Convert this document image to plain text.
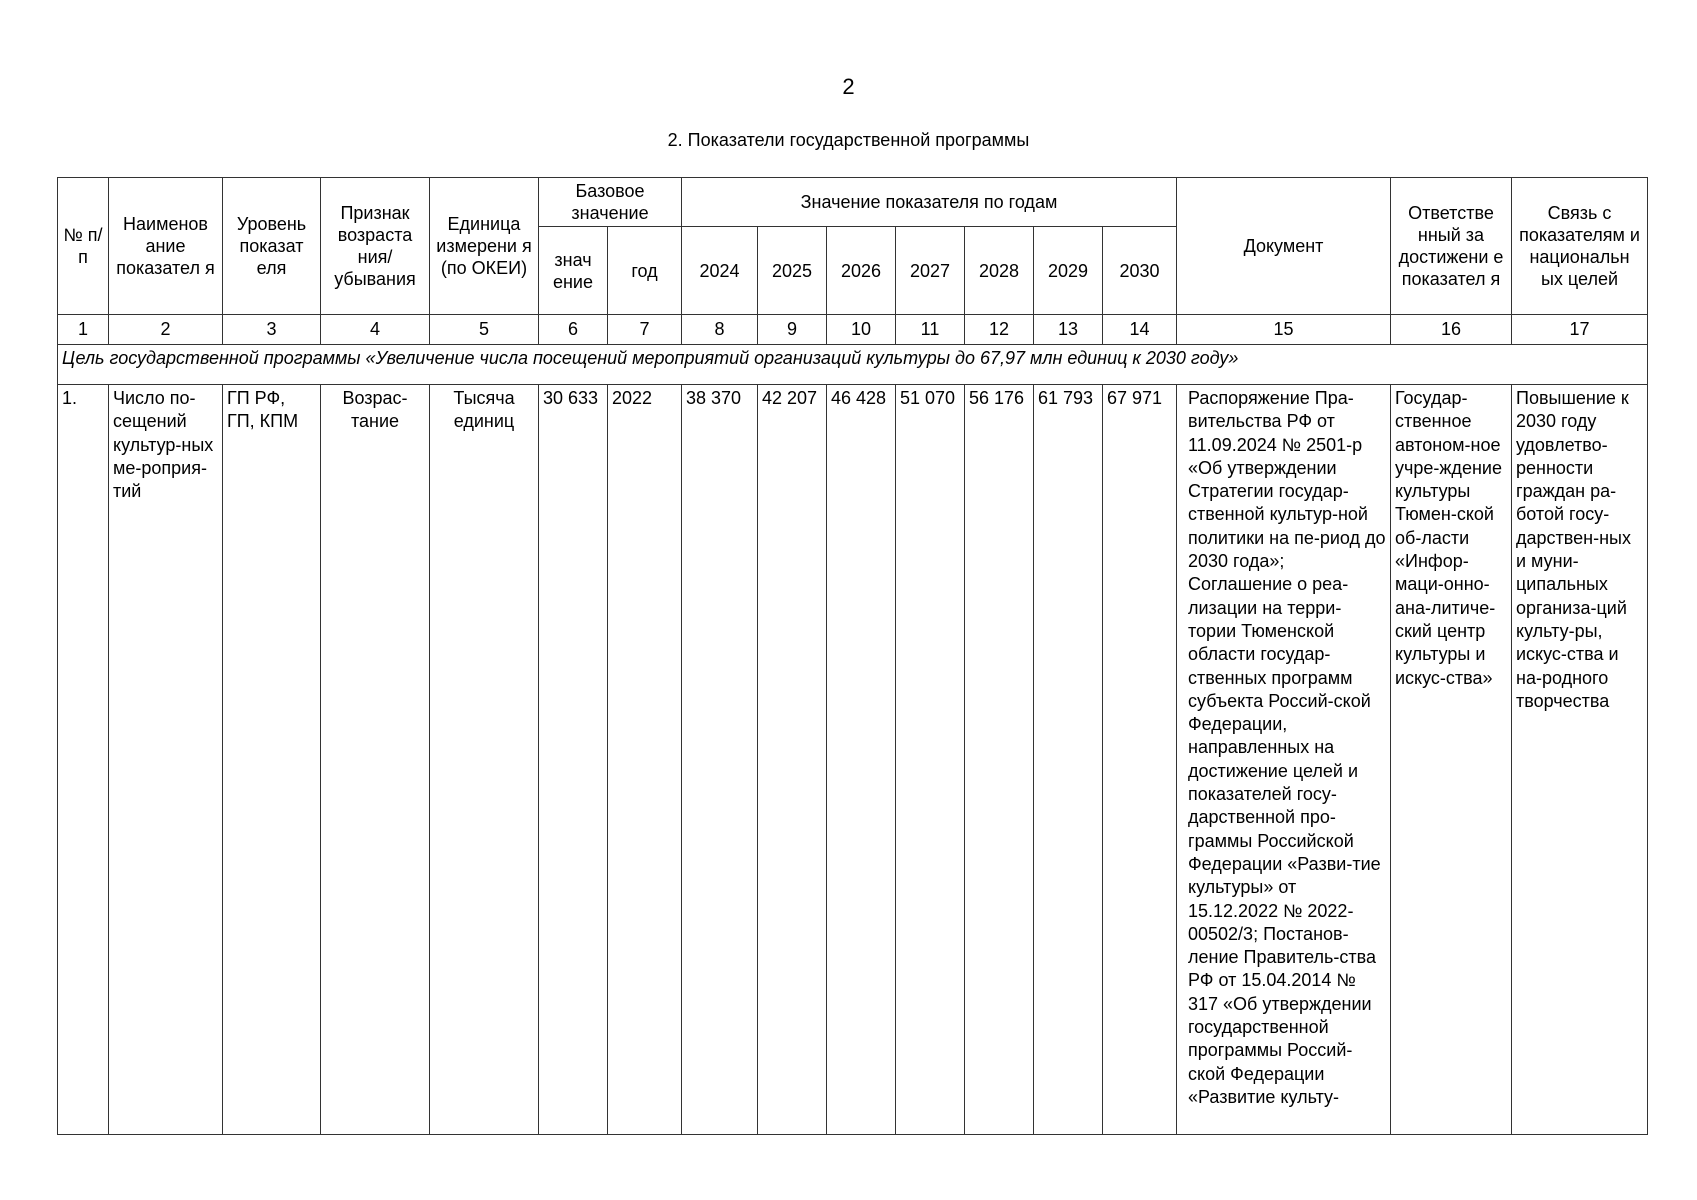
2
2. Показатели государственной программы
№ п/п	Наименов ание показател я	Уровень показат еля	Признак возраста ния/ убывания	Единица измерени я (по ОКЕИ)	Базовое значение		Значение показателя по годам							Документ	Ответстве нный за достижени е показател я	Связь с показателям и национальн ых целей
					знач ение	год	2024	2025	2026	2027	2028	2029	2030			
1	2	3	4	5	6	7	8	9	10	11	12	13	14	15	16	17
Цель государственной программы «Увеличение числа посещений мероприятий организаций культуры до 67,97 млн единиц к 2030 году»																
1.	Число по-сещений культур-ных ме-роприя-тий	ГП РФ, ГП, КПМ	Возрас-тание	Тысяча единиц	30 633	2022	38 370	42 207	46 428	51 070	56 176	61 793	67 971	Распоряжение Пра-вительства РФ от 11.09.2024 № 2501-р «Об утверждении Стратегии государ-ственной культур-ной политики на пе-риод до 2030 года»; Соглашение о реа-лизации на терри-тории Тюменской области государ-ственных программ субъекта Россий-ской Федерации, направленных на достижение целей и показателей госу-дарственной про-граммы Российской Федерации «Разви-тие культуры» от 15.12.2022 № 2022-00502/3; Постанов-ление Правитель-ства РФ от 15.04.2014 № 317 «Об утверждении государственной программы Россий-ской Федерации «Развитие культу-	Государ-ственное автоном-ное учре-ждение культуры Тюмен-ской об-ласти «Инфор-маци-онно-ана-литиче-ский центр культуры и искус-ства»	Повышение к 2030 году удовлетво-ренности граждан ра-ботой госу-дарствен-ных и муни-ципальных организа-ций культу-ры, искус-ства и на-родного творчества
